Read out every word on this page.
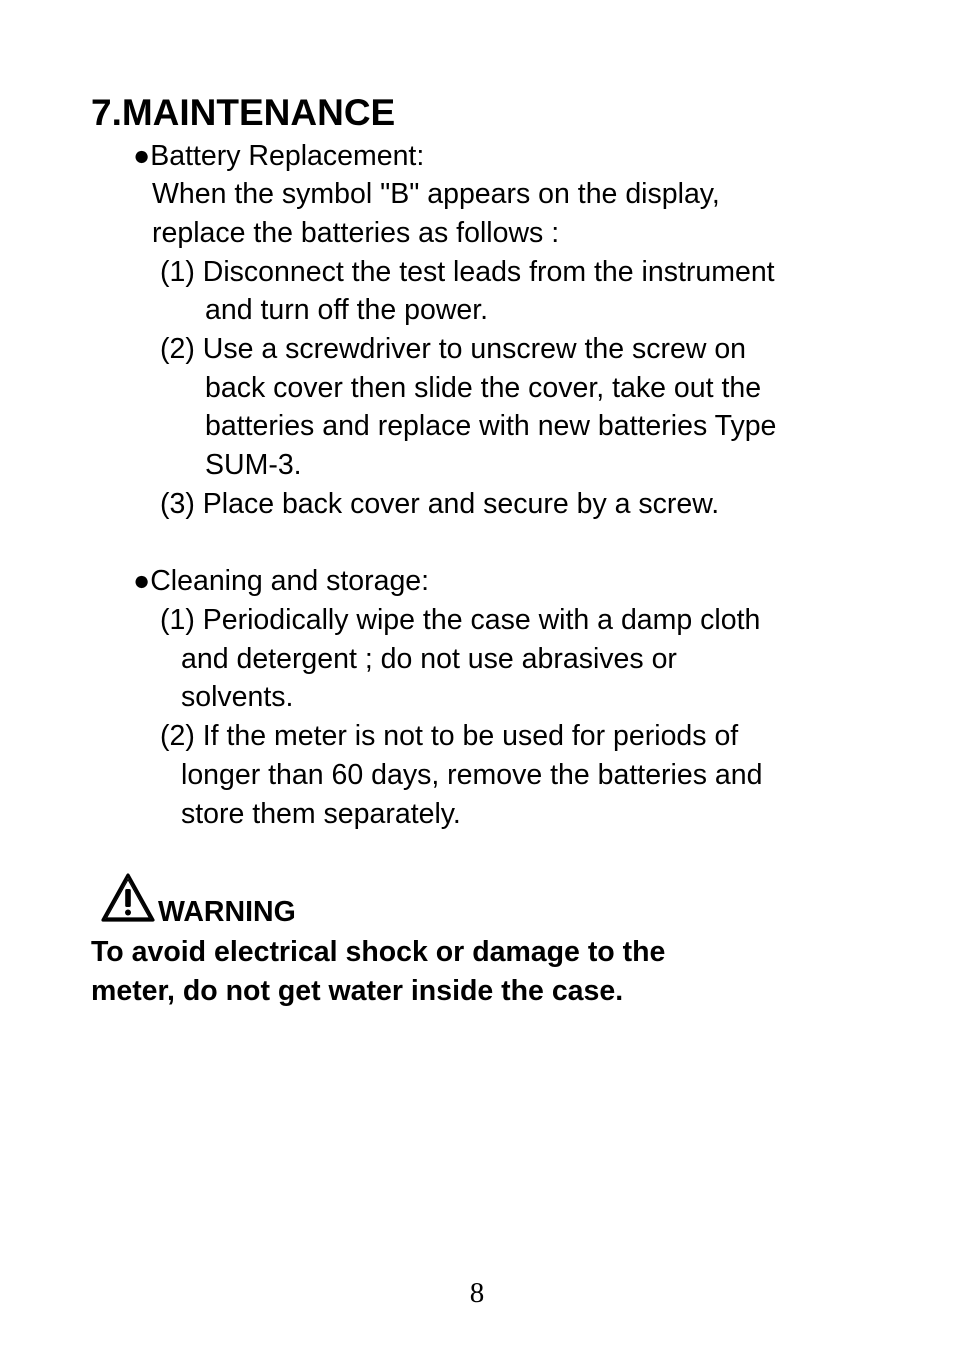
7.MAINTENANCE
●Battery Replacement:
When the symbol "B" appears on the display,
replace the batteries as follows :
(1) Disconnect the test leads from the instrument
and turn off the power.
(2) Use a screwdriver to unscrew the screw on
back cover then slide the cover, take out the
batteries and replace with new batteries Type
SUM-3.
(3) Place back cover and secure by a screw.
●Cleaning and storage:
(1) Periodically wipe the case with a damp cloth
and detergent ; do not use abrasives or
solvents.
(2) If the meter is not to be used for periods of
longer than 60 days, remove the batteries and
store them separately.
WARNING
To avoid electrical shock or damage to the
meter, do not get water inside the case.
8
